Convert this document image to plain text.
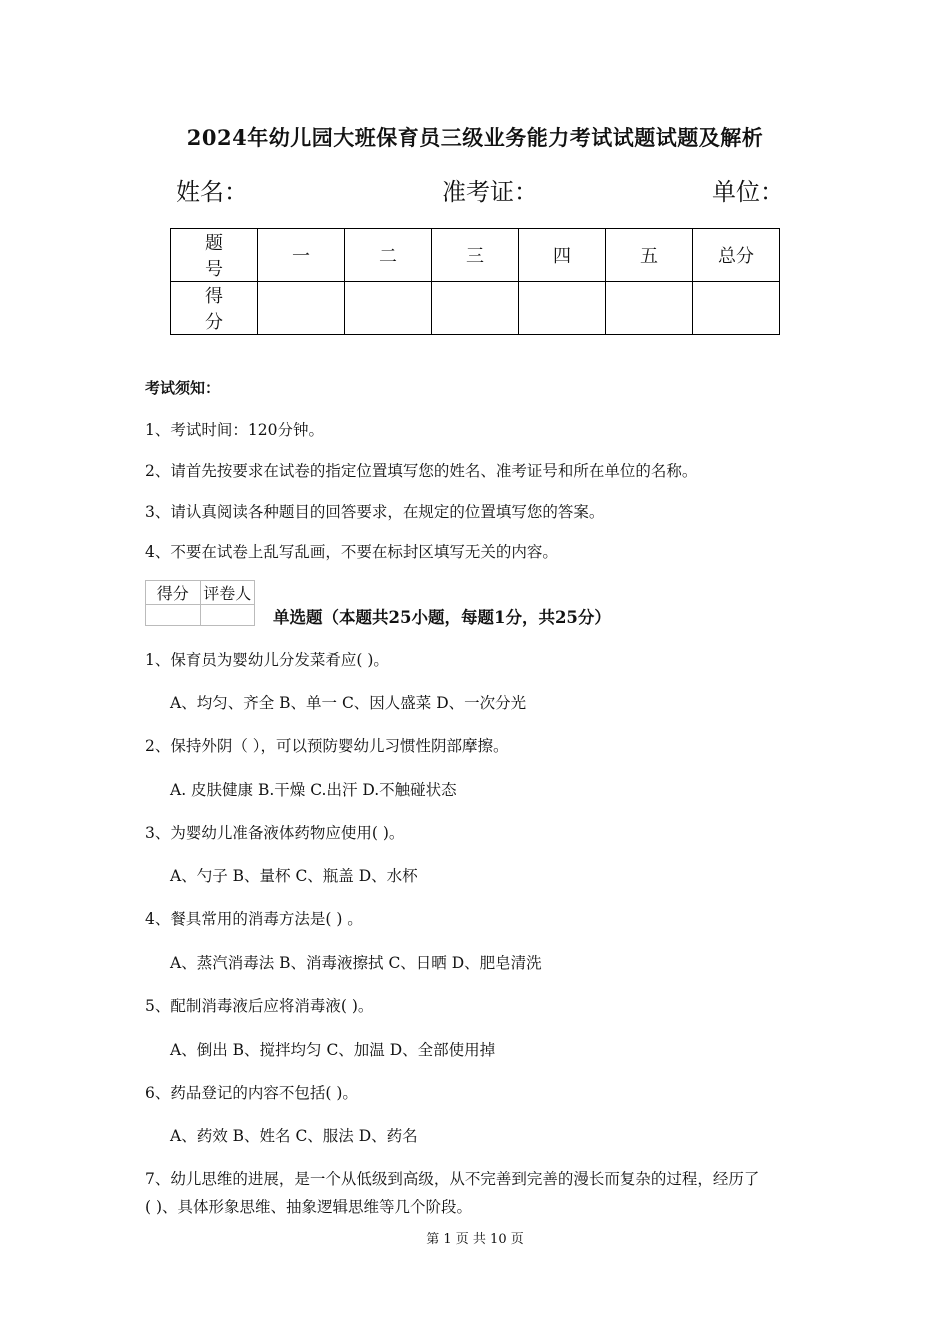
2024年幼儿园大班保育员三级业务能力考试试题试题及解析
姓名：	准考证：	单位：
题号	一	二	三	四	五	总分
得分						
考试须知：
1、考试时间：120分钟。
2、请首先按要求在试卷的指定位置填写您的姓名、准考证号和所在单位的名称。
3、请认真阅读各种题目的回答要求，在规定的位置填写您的答案。
4、不要在试卷上乱写乱画，不要在标封区填写无关的内容。
得分	评卷人

单选题（本题共25小题，每题1分，共25分）
1、保育员为婴幼儿分发菜肴应( )。
A、均匀、齐全 B、单一 C、因人盛菜 D、一次分光
2、保持外阴（ ），可以预防婴幼儿习惯性阴部摩擦。
A. 皮肤健康 B.干燥 C.出汗 D.不触碰状态
3、为婴幼儿准备液体药物应使用( )。
A、勺子 B、量杯 C、瓶盖 D、水杯
4、餐具常用的消毒方法是( ) 。
A、蒸汽消毒法 B、消毒液擦拭 C、日晒 D、肥皂清洗
5、配制消毒液后应将消毒液( )。
A、倒出 B、搅拌均匀 C、加温 D、全部使用掉
6、药品登记的内容不包括( )。
A、药效 B、姓名 C、服法 D、药名
7、幼儿思维的进展，是一个从低级到高级，从不完善到完善的漫长而复杂的过程，经历了
( )、具体形象思维、抽象逻辑思维等几个阶段。
第 1 页 共 10 页
